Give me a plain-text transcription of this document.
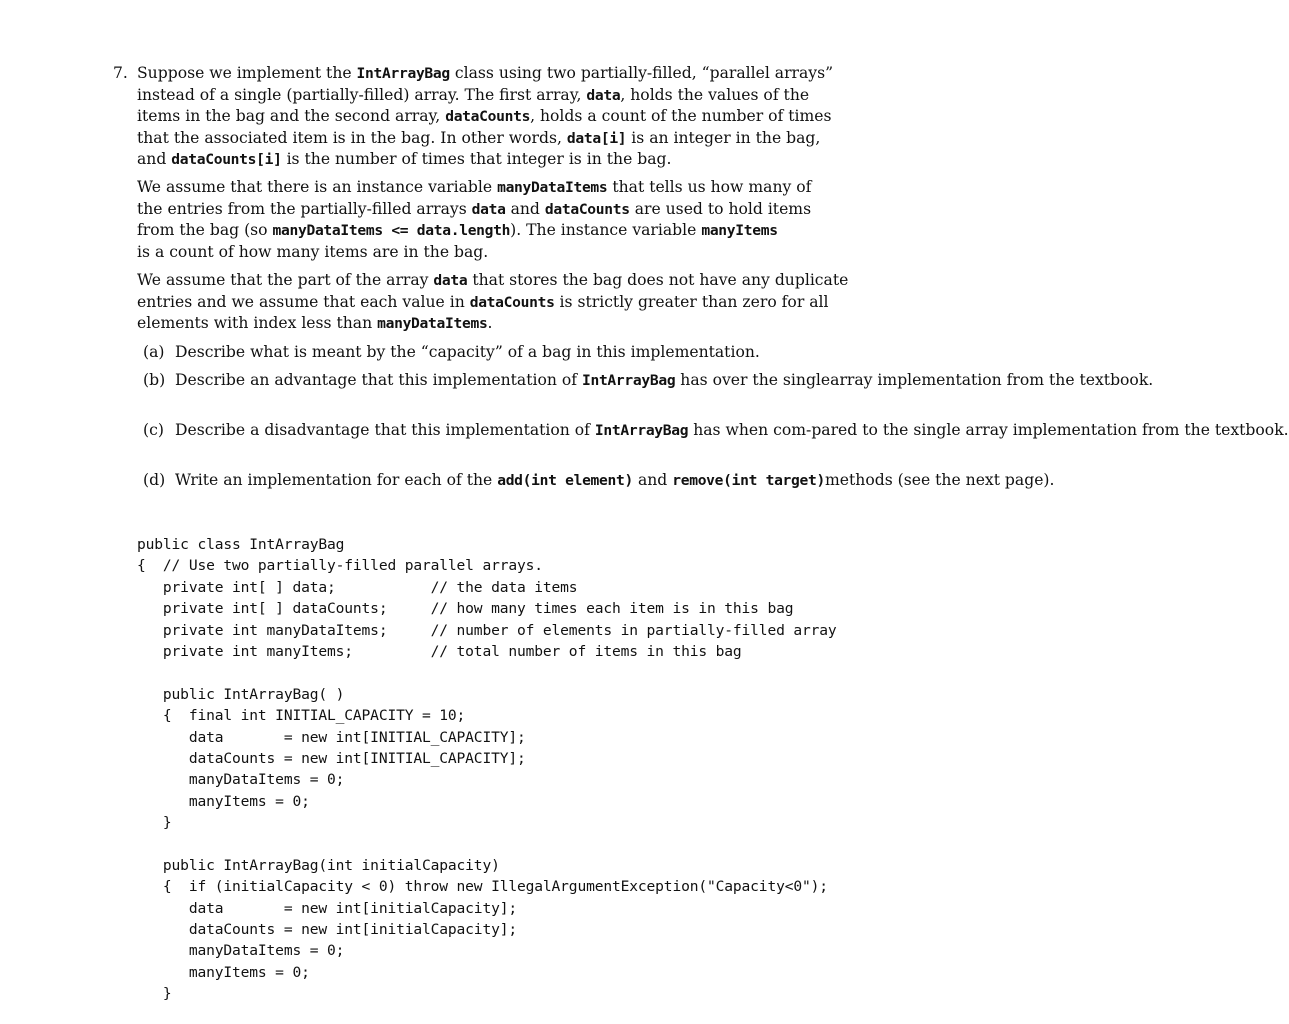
7. Suppose we implement the IntArrayBag class using two partially-filled, “parallel arrays”
instead of a single (partially-filled) array. The first array, data, holds the values of the
items in the bag and the second array, dataCounts, holds a count of the number of times
that the associated item is in the bag. In other words, data[i] is an integer in the bag,
and dataCounts[i] is the number of times that integer is in the bag.
We assume that there is an instance variable manyDataItems that tells us how many of
the entries from the partially-filled arrays data and dataCounts are used to hold items
from the bag (so manyDataItems <= data.length). The instance variable manyItems
is a count of how many items are in the bag.
We assume that the part of the array data that stores the bag does not have any duplicate
entries and we assume that each value in dataCounts is strictly greater than zero for all
elements with index less than manyDataItems.
(a) Describe what is meant by the “capacity” of a bag in this implementation.
(b) Describe an advantage that this implementation of IntArrayBag has over the singlearray implementation from the textbook.
(c) Describe a disadvantage that this implementation of IntArrayBag has when com-pared to the single array implementation from the textbook.
(d) Write an implementation for each of the add(int element) and remove(int target)methods (see the next page).
public class IntArrayBag
{  // Use two partially-filled parallel arrays.
private int[ ] data;           // the data items
private int[ ] dataCounts;     // how many times each item is in this bag
private int manyDataItems;     // number of elements in partially-filled array
private int manyItems;         // total number of items in this bag
public IntArrayBag( )
{  final int INITIAL_CAPACITY = 10;
data       = new int[INITIAL_CAPACITY];
dataCounts = new int[INITIAL_CAPACITY];
manyDataItems = 0;
manyItems = 0;
}
public IntArrayBag(int initialCapacity)
{  if (initialCapacity < 0) throw new IllegalArgumentException("Capacity<0");
data       = new int[initialCapacity];
dataCounts = new int[initialCapacity];
manyDataItems = 0;
manyItems = 0;
}
